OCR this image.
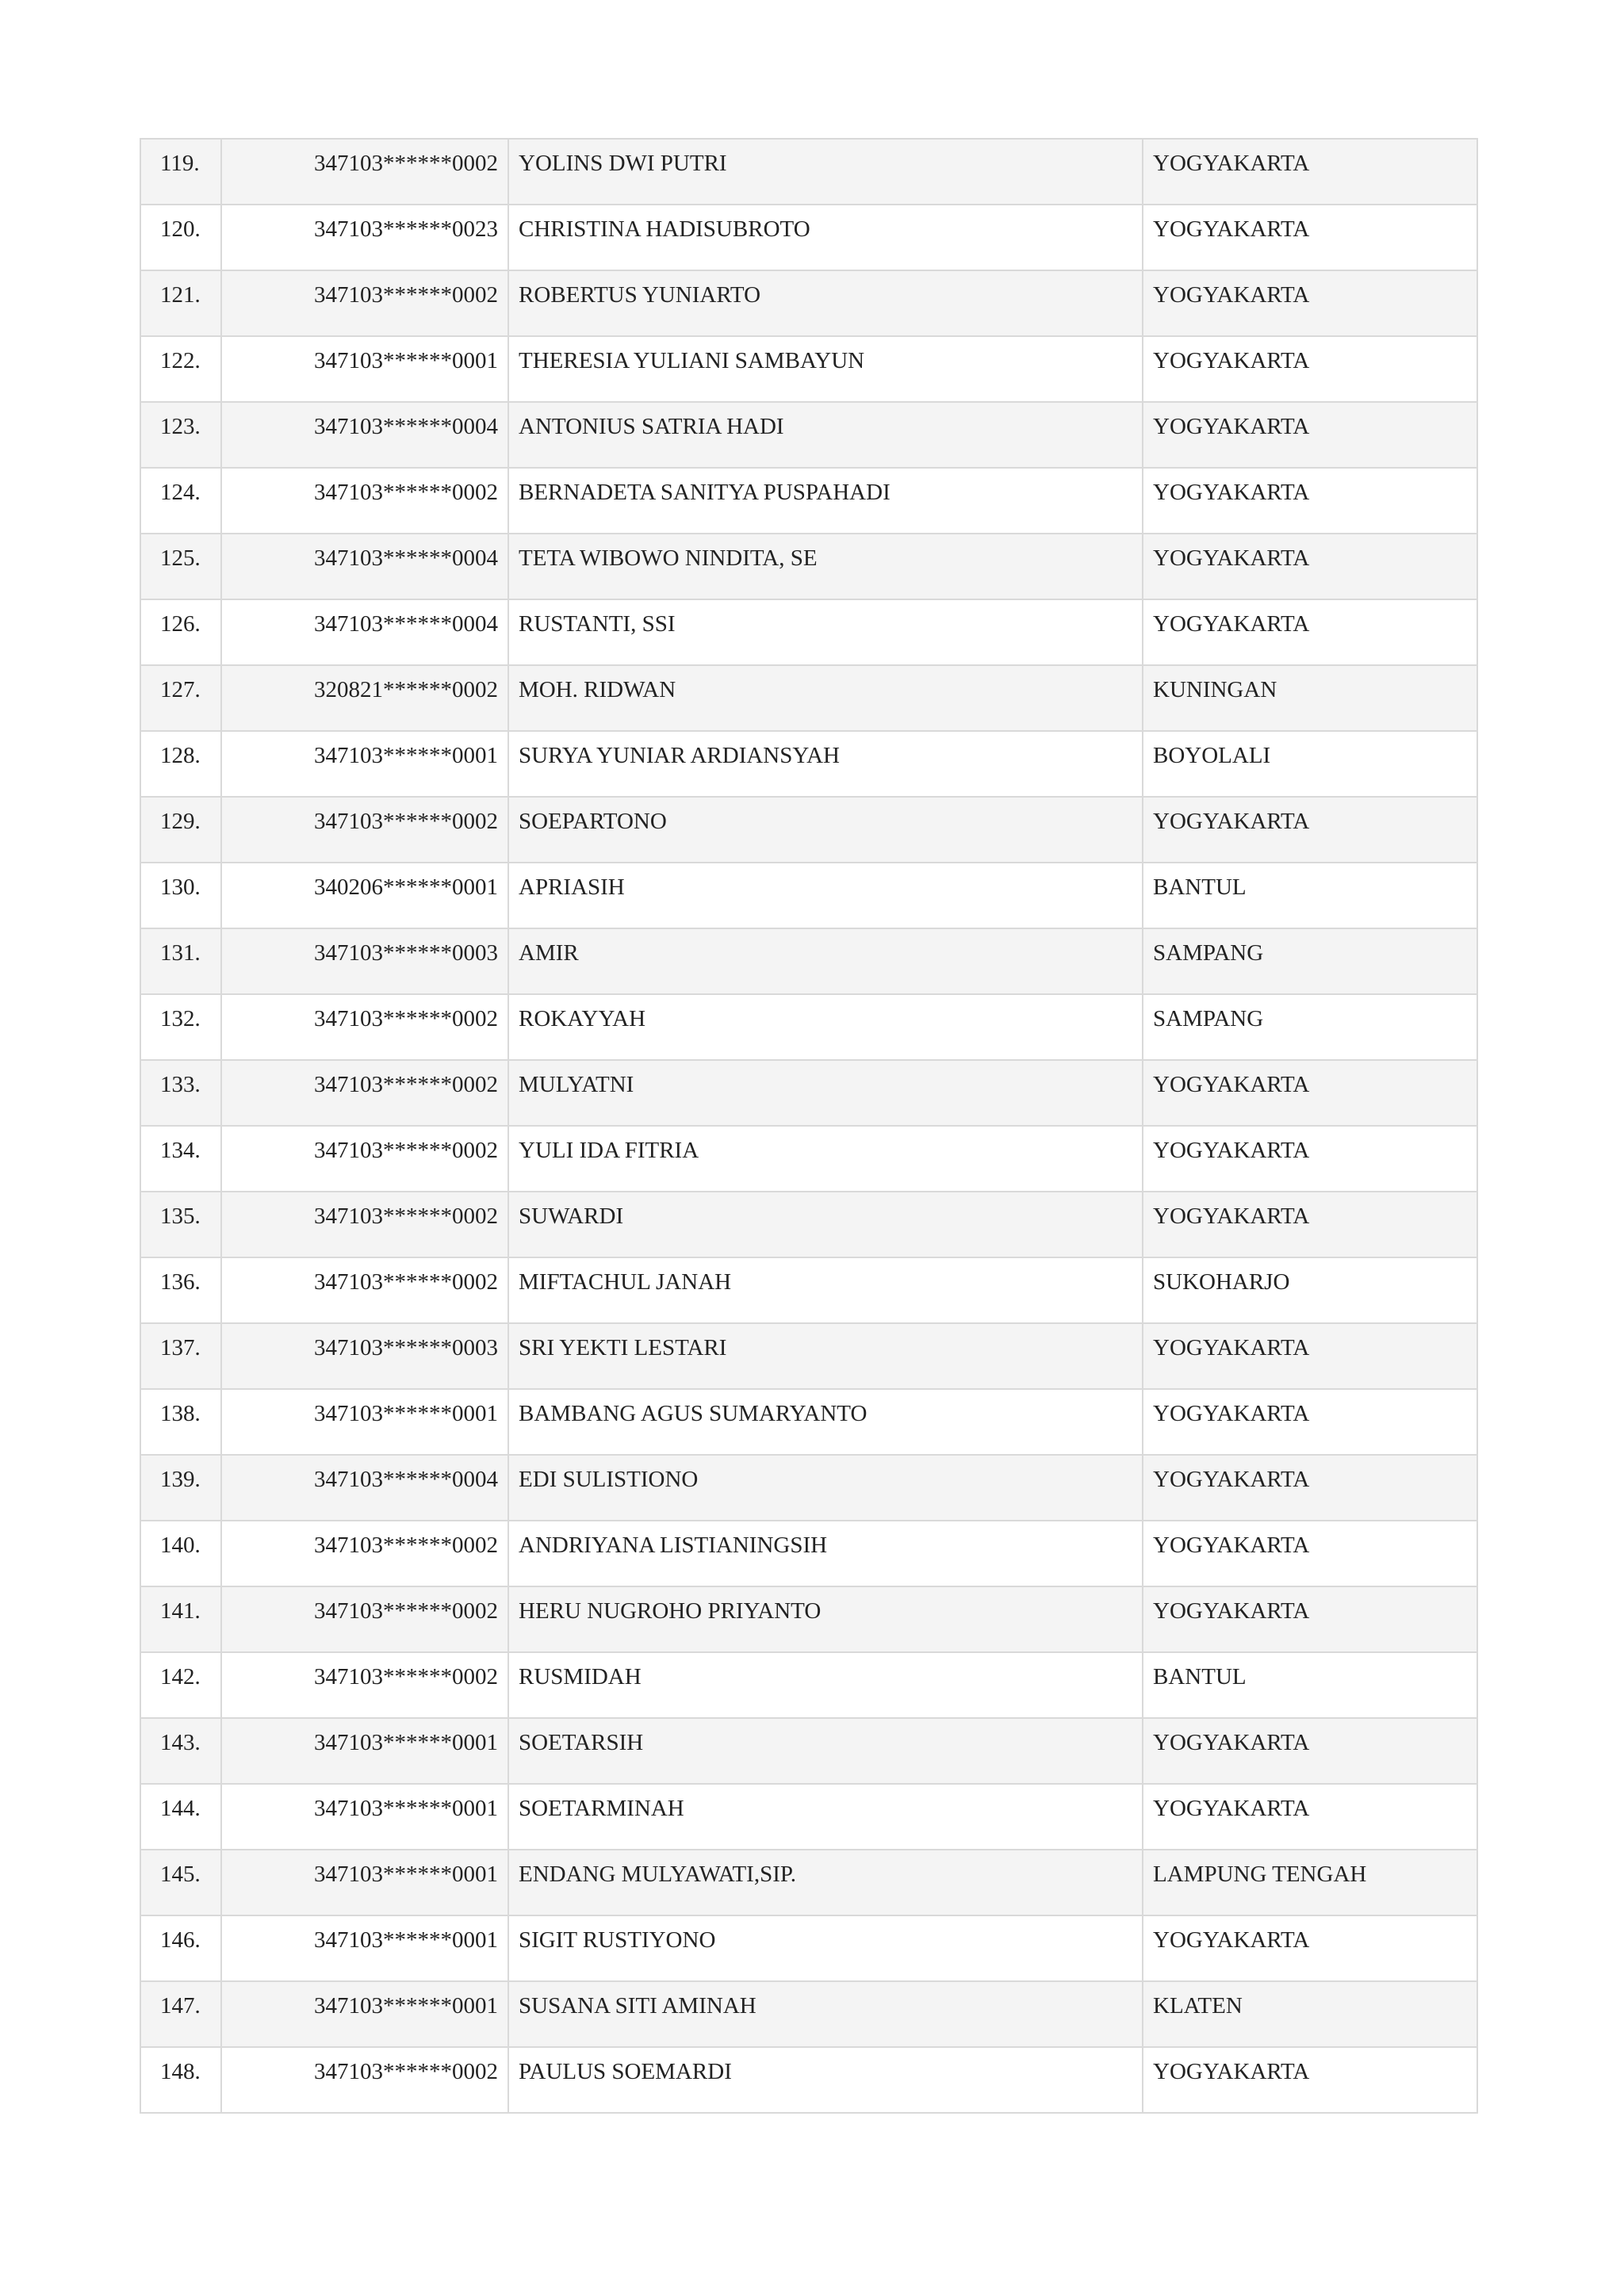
119.	347103******0002	YOLINS DWI PUTRI	YOGYAKARTA
120.	347103******0023	CHRISTINA HADISUBROTO	YOGYAKARTA
121.	347103******0002	ROBERTUS YUNIARTO	YOGYAKARTA
122.	347103******0001	THERESIA YULIANI SAMBAYUN	YOGYAKARTA
123.	347103******0004	ANTONIUS SATRIA HADI	YOGYAKARTA
124.	347103******0002	BERNADETA SANITYA PUSPAHADI	YOGYAKARTA
125.	347103******0004	TETA WIBOWO NINDITA, SE	YOGYAKARTA
126.	347103******0004	RUSTANTI, SSI	YOGYAKARTA
127.	320821******0002	MOH. RIDWAN	KUNINGAN
128.	347103******0001	SURYA YUNIAR ARDIANSYAH	BOYOLALI
129.	347103******0002	SOEPARTONO	YOGYAKARTA
130.	340206******0001	APRIASIH	BANTUL
131.	347103******0003	AMIR	SAMPANG
132.	347103******0002	ROKAYYAH	SAMPANG
133.	347103******0002	MULYATNI	YOGYAKARTA
134.	347103******0002	YULI IDA FITRIA	YOGYAKARTA
135.	347103******0002	SUWARDI	YOGYAKARTA
136.	347103******0002	MIFTACHUL JANAH	SUKOHARJO
137.	347103******0003	SRI YEKTI LESTARI	YOGYAKARTA
138.	347103******0001	BAMBANG AGUS SUMARYANTO	YOGYAKARTA
139.	347103******0004	EDI SULISTIONO	YOGYAKARTA
140.	347103******0002	ANDRIYANA LISTIANINGSIH	YOGYAKARTA
141.	347103******0002	HERU NUGROHO PRIYANTO	YOGYAKARTA
142.	347103******0002	RUSMIDAH	BANTUL
143.	347103******0001	SOETARSIH	YOGYAKARTA
144.	347103******0001	SOETARMINAH	YOGYAKARTA
145.	347103******0001	ENDANG MULYAWATI,SIP.	LAMPUNG TENGAH
146.	347103******0001	SIGIT RUSTIYONO	YOGYAKARTA
147.	347103******0001	SUSANA SITI AMINAH	KLATEN
148.	347103******0002	PAULUS SOEMARDI	YOGYAKARTA
